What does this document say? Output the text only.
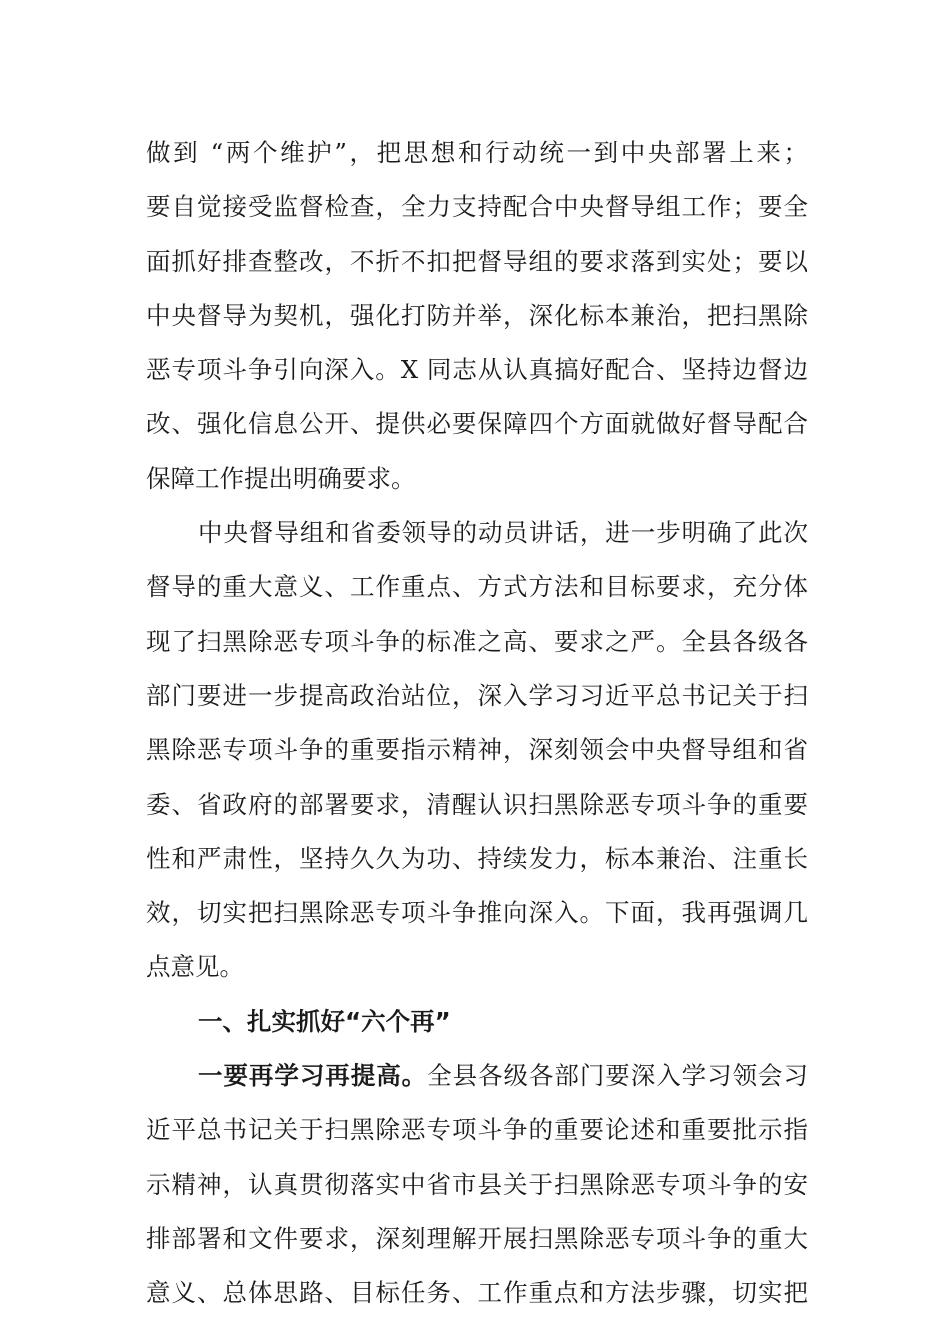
做到 “两个维护”，把思想和行动统一到中央部署上来；
要自觉接受监督检查，全力支持配合中央督导组工作；要全
面抓好排查整改，不折不扣把督导组的要求落到实处；要以
中央督导为契机，强化打防并举，深化标本兼治，把扫黑除
恶专项斗争引向深入。X 同志从认真搞好配合、坚持边督边
改、强化信息公开、提供必要保障四个方面就做好督导配合
保障工作提出明确要求。
中央督导组和省委领导的动员讲话，进一步明确了此次
督导的重大意义、工作重点、方式方法和目标要求，充分体
现了扫黑除恶专项斗争的标准之高、要求之严。全县各级各
部门要进一步提高政治站位，深入学习习近平总书记关于扫
黑除恶专项斗争的重要指示精神，深刻领会中央督导组和省
委、省政府的部署要求，清醒认识扫黑除恶专项斗争的重要
性和严肃性，坚持久久为功、持续发力，标本兼治、注重长
效，切实把扫黑除恶专项斗争推向深入。下面，我再强调几
点意见。
一、扎实抓好“六个再”
一要再学习再提高。全县各级各部门要深入学习领会习
近平总书记关于扫黑除恶专项斗争的重要论述和重要批示指
示精神，认真贯彻落实中省市县关于扫黑除恶专项斗争的安
排部署和文件要求，深刻理解开展扫黑除恶专项斗争的重大
意义、总体思路、目标任务、工作重点和方法步骤，切实把
